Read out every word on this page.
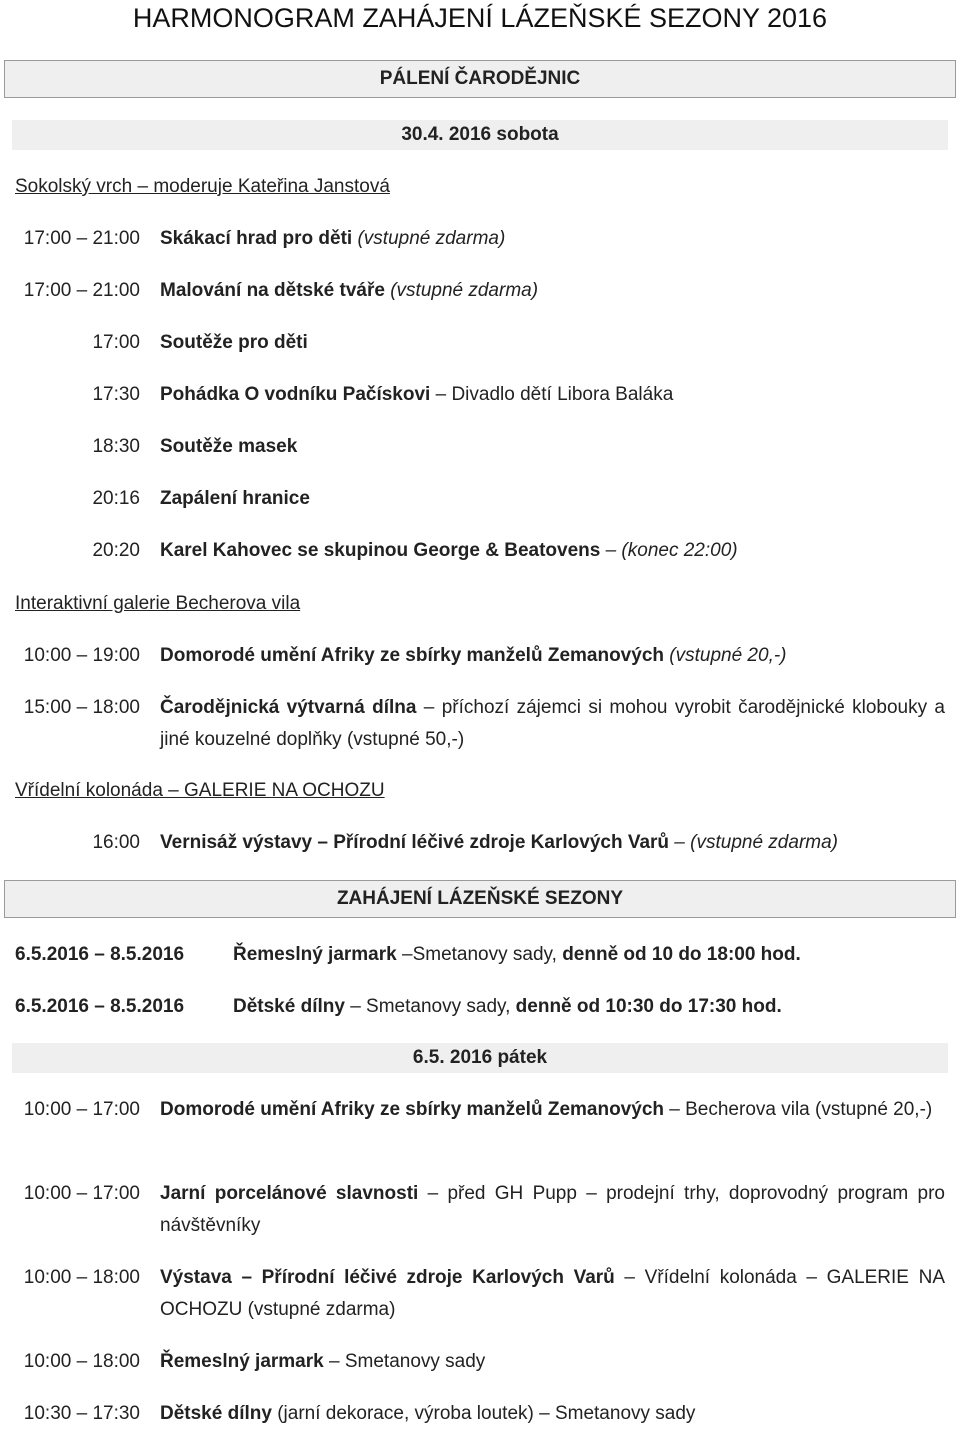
HARMONOGRAM ZAHÁJENÍ LÁZEŇSKÉ SEZONY 2016
PÁLENÍ ČARODĚJNIC
30.4. 2016 sobota
Sokolský vrch – moderuje Kateřina Janstová
17:00 – 21:00 Skákací hrad pro děti (vstupné zdarma)
17:00 – 21:00 Malování na dětské tváře (vstupné zdarma)
17:00 Soutěže pro děti
17:30 Pohádka O vodníku Pačískovi – Divadlo dětí Libora Baláka
18:30 Soutěže masek
20:16 Zapálení hranice
20:20 Karel Kahovec se skupinou George & Beatovens – (konec 22:00)
Interaktivní galerie Becherova vila
10:00 – 19:00 Domorodé umění Afriky ze sbírky manželů Zemanových (vstupné 20,-)
15:00 – 18:00 Čarodějnická výtvarná dílna – příchozí zájemci si mohou vyrobit čarodějnické klobouky a jiné kouzelné doplňky (vstupné 50,-)
Vřídelní kolonáda – GALERIE NA OCHOZU
16:00 Vernisáž výstavy – Přírodní léčivé zdroje Karlových Varů – (vstupné zdarma)
ZAHÁJENÍ LÁZEŇSKÉ SEZONY
6.5.2016 – 8.5.2016	Řemeslný jarmark –Smetanovy sady, denně od 10 do 18:00 hod.
6.5.2016 – 8.5.2016	Dětské dílny – Smetanovy sady, denně od 10:30 do 17:30 hod.
6.5. 2016 pátek
10:00 – 17:00 Domorodé umění Afriky ze sbírky manželů Zemanových – Becherova vila (vstupné 20,-)
10:00 – 17:00 Jarní porcelánové slavnosti – před GH Pupp – prodejní trhy, doprovodný program pro návštěvníky
10:00 – 18:00 Výstava – Přírodní léčivé zdroje Karlových Varů – Vřídelní kolonáda – GALERIE NA OCHOZU (vstupné zdarma)
10:00 – 18:00 Řemeslný jarmark – Smetanovy sady
10:30 – 17:30 Dětské dílny (jarní dekorace, výroba loutek) – Smetanovy sady
